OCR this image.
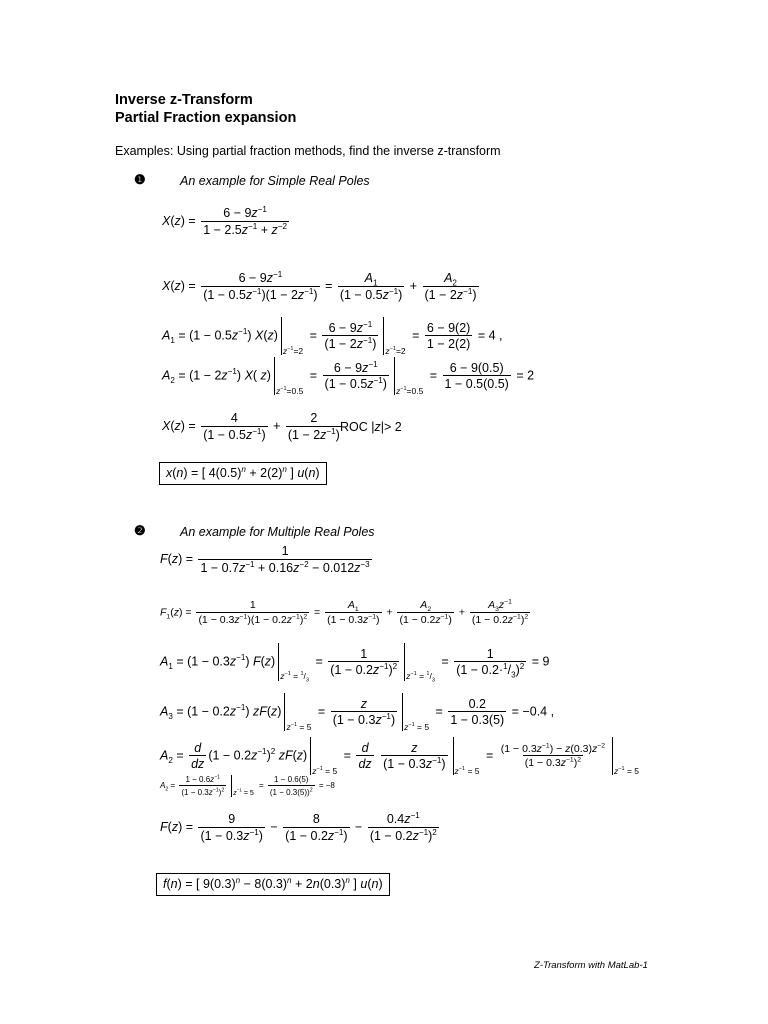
Inverse z-Transform
Partial Fraction expansion
Examples: Using partial fraction methods, find the inverse z-transform
❶	An example for Simple Real Poles
$X(z) = \frac{6 - 9z^{-1}}{1 - 2.5z^{-1} + z^{-2}}$
$X(z) = \frac{6 - 9z^{-1}}{(1 - 0.5z^{-1})(1 - 2z^{-1})} = \frac{A_1}{(1 - 0.5z^{-1})} + \frac{A_2}{(1 - 2z^{-1})}$
$A_1 = (1 - 0.5z^{-1}) X(z)z^{-1}=2 = \frac{6 - 9z^{-1}}{(1 - 2z^{-1})} z^{-1}=2 = \frac{6 - 9(2)}{1 - 2(2)} = 4$ ,
$A_2 = (1 - 2z^{-1})$ X( $z)z^{-1}=0.5 = \frac{6 - 9z^{-1}}{(1 - 0.5z^{-1})} z^{-1}=0.5 = \frac{6 - 9(0.5)}{1 - 0.5(0.5)} = 2$
$X(z) = \frac{4}{(1 - 0.5z^{-1})} + \frac{2}{(1 - 2z^{-1})}$
ROC |z|> 2
x(n) = [ $4(0.5)^n + 2(2)^n$ ] u(n)
❷	An example for Multiple Real Poles
$F(z) = \frac{1}{1 - 0.7z^{-1} + 0.16z^{-2} - 0.012z^{-3}}$
$F_1(z) = \frac{1}{(1 - 0.3z^{-1})(1 - 0.2z^{-1})^2} = \frac{A_1}{(1 - 0.3z^{-1})} + \frac{A_2}{(1 - 0.2z^{-1})} + \frac{A_3z^{-1}}{(1 - 0.2z^{-1})^2}$
$A_1 = (1 - 0.3z^{-1}) F(z)z^{-1} = ^1/_3 = \frac{1}{(1 - 0.2z^{-1})^2} z^{-1} = ^1/_3 = \frac{1}{(1 - 0.2\cdot^1/_3)^2} = 9$
$A_3 = (1 - 0.2z^{-1}) zF(z)z^{-1} = 5 = \frac{z}{(1 - 0.3z^{-1})} z^{-1} = 5 = \frac{0.2}{1 - 0.3(5)} = -0.4$ ,
$A_2 = \frac{d}{dz} (1 - 0.2z^{-1})^2$ $zF(z)z^{-1} = 5 = \frac{d}{dz}$
$\frac{z}{(1 - 0.3z^{-1})} z^{-1} = 5 = \frac{(1 - 0.3z^{-1}) - z(0.3)z^{-2}}{(1 - 0.3z^{-1})^2}$
$z^{-1} = 5$
$A_2 = \frac{1 - 0.6z^{-1}}{(1 - 0.3z^{-1})^2} z^{-1} = 5 = \frac{1 - 0.6(5)}{(1 - 0.3(5))^2} = -8$
$F(z) = \frac{9}{(1 - 0.3z^{-1})} - \frac{8}{(1 - 0.2z^{-1})} - \frac{0.4z^{-1}}{(1 - 0.2z^{-1})^2}$
f(n) = [ $9(0.3)^n - 8(0.3)^n + 2n(0.3)^n$ ] u(n)
Z-Transform with MatLab-1
